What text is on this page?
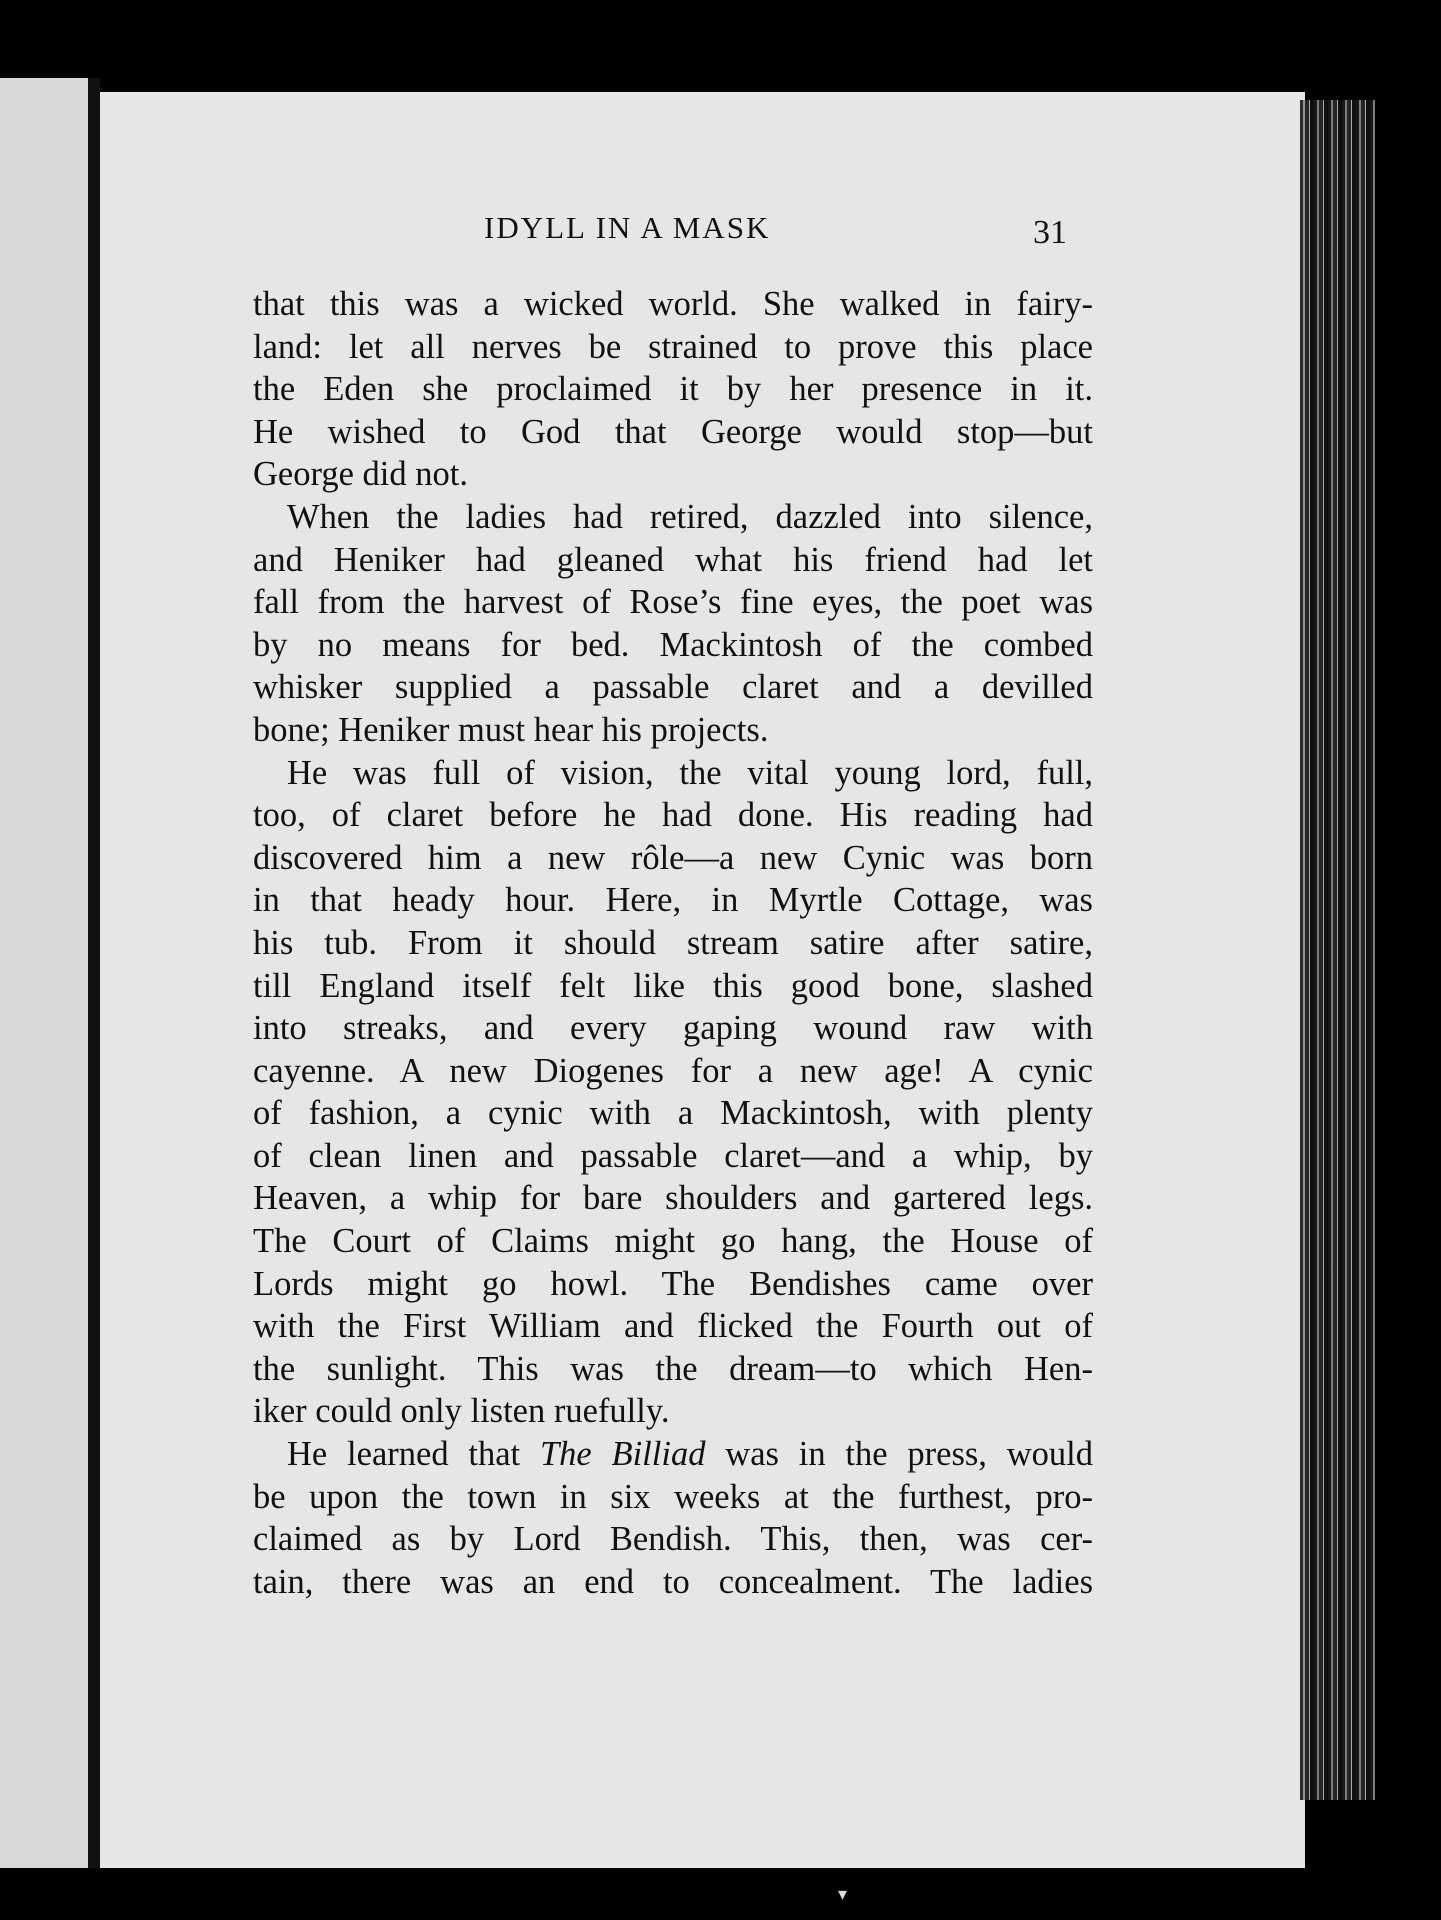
IDYLL IN A MASK	31
that this was a wicked world. She walked in fairy-
land: let all nerves be strained to prove this place
the Eden she proclaimed it by her presence in it.
He wished to God that George would stop—but
George did not.
When the ladies had retired, dazzled into silence,
and Heniker had gleaned what his friend had let
fall from the harvest of Rose’s fine eyes, the poet was
by no means for bed. Mackintosh of the combed
whisker supplied a passable claret and a devilled
bone; Heniker must hear his projects.
He was full of vision, the vital young lord, full,
too, of claret before he had done. His reading had
discovered him a new rôle—a new Cynic was born
in that heady hour. Here, in Myrtle Cottage, was
his tub. From it should stream satire after satire,
till England itself felt like this good bone, slashed
into streaks, and every gaping wound raw with
cayenne. A new Diogenes for a new age! A cynic
of fashion, a cynic with a Mackintosh, with plenty
of clean linen and passable claret—and a whip, by
Heaven, a whip for bare shoulders and gartered legs.
The Court of Claims might go hang, the House of
Lords might go howl. The Bendishes came over
with the First William and flicked the Fourth out of
the sunlight. This was the dream—to which Hen-
iker could only listen ruefully.
He learned that The Billiad was in the press, would
be upon the town in six weeks at the furthest, pro-
claimed as by Lord Bendish. This, then, was cer-
tain, there was an end to concealment. The ladies
▾
